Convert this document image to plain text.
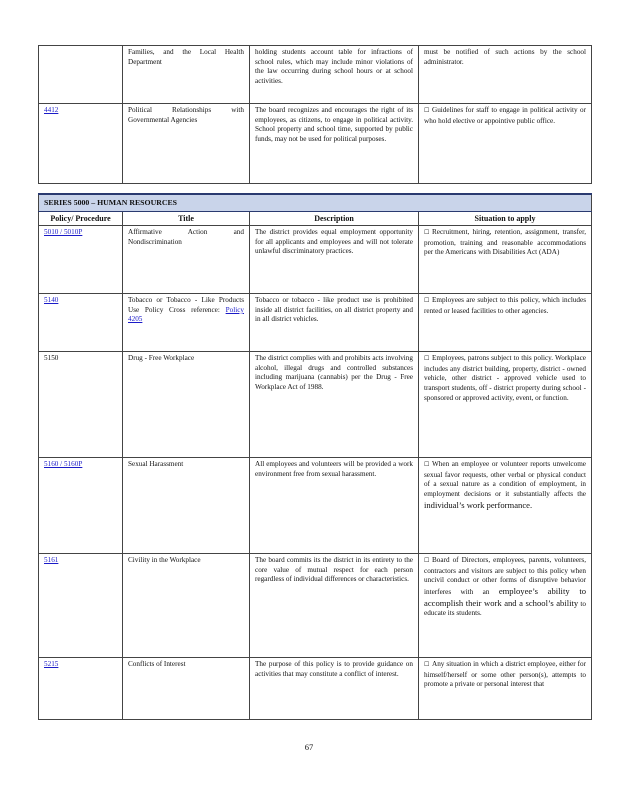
	Families, and the Local Health Department	holding students account table for infractions of school rules, which may include minor violations of the law occurring during school hours or at school activities.	must be notified of such actions by the school administrator.
4412	Political Relationships with Governmental Agencies	The board recognizes and encourages the right of its employees, as citizens, to engage in political activity. School property and school time, supported by public funds, may not be used for political purposes.	☐ Guidelines for staff to engage in political activity or who hold elective or appointive public office.

SERIES 5000 – HUMAN RESOURCES			
Policy/ Procedure	Title	Description	Situation to apply
5010 / 5010P	Affirmative Action and Nondiscrimination	The district provides equal employment opportunity for all applicants and employees and will not tolerate unlawful discriminatory practices.	☐ Recruitment, hiring, retention, assignment, transfer, promotion, training and reasonable accommodations per the Americans with Disabilities Act (ADA)
5140	Tobacco or Tobacco - Like Products Use Policy Cross reference: Policy 4205	Tobacco or tobacco - like product use is prohibited inside all district facilities, on all district property and in all district vehicles.	☐ Employees are subject to this policy, which includes rented or leased facilities to other agencies.
5150	Drug - Free Workplace	The district complies with and prohibits acts involving alcohol, illegal drugs and controlled substances including marijuana (cannabis) per the Drug - Free Workplace Act of 1988.	☐ Employees, patrons subject to this policy. Workplace includes any district building, property, district - owned vehicle, other district - approved vehicle used to transport students, off - district property during school - sponsored or approved activity, event, or function.
5160 / 5160P	Sexual Harassment	All employees and volunteers will be provided a work environment free from sexual harassment.	☐ When an employee or volunteer reports unwelcome sexual favor requests, other verbal or physical conduct of a sexual nature as a condition of employment, in employment decisions or it substantially affects the individual’s work performance.
5161	Civility in the Workplace	The board commits its the district in its entirety to the core value of mutual respect for each person regardless of individual differences or characteristics.	☐ Board of Directors, employees, parents, volunteers, contractors and visitors are subject to this policy when uncivil conduct or other forms of disruptive behavior interferes with an employee’s ability to accomplish their work and a school’s ability to educate its students.
5215	Conflicts of Interest	The purpose of this policy is to provide guidance on activities that may constitute a conflict of interest.	☐ Any situation in which a district employee, either for himself/herself or some other person(s), attempts to promote a private or personal interest that
67
